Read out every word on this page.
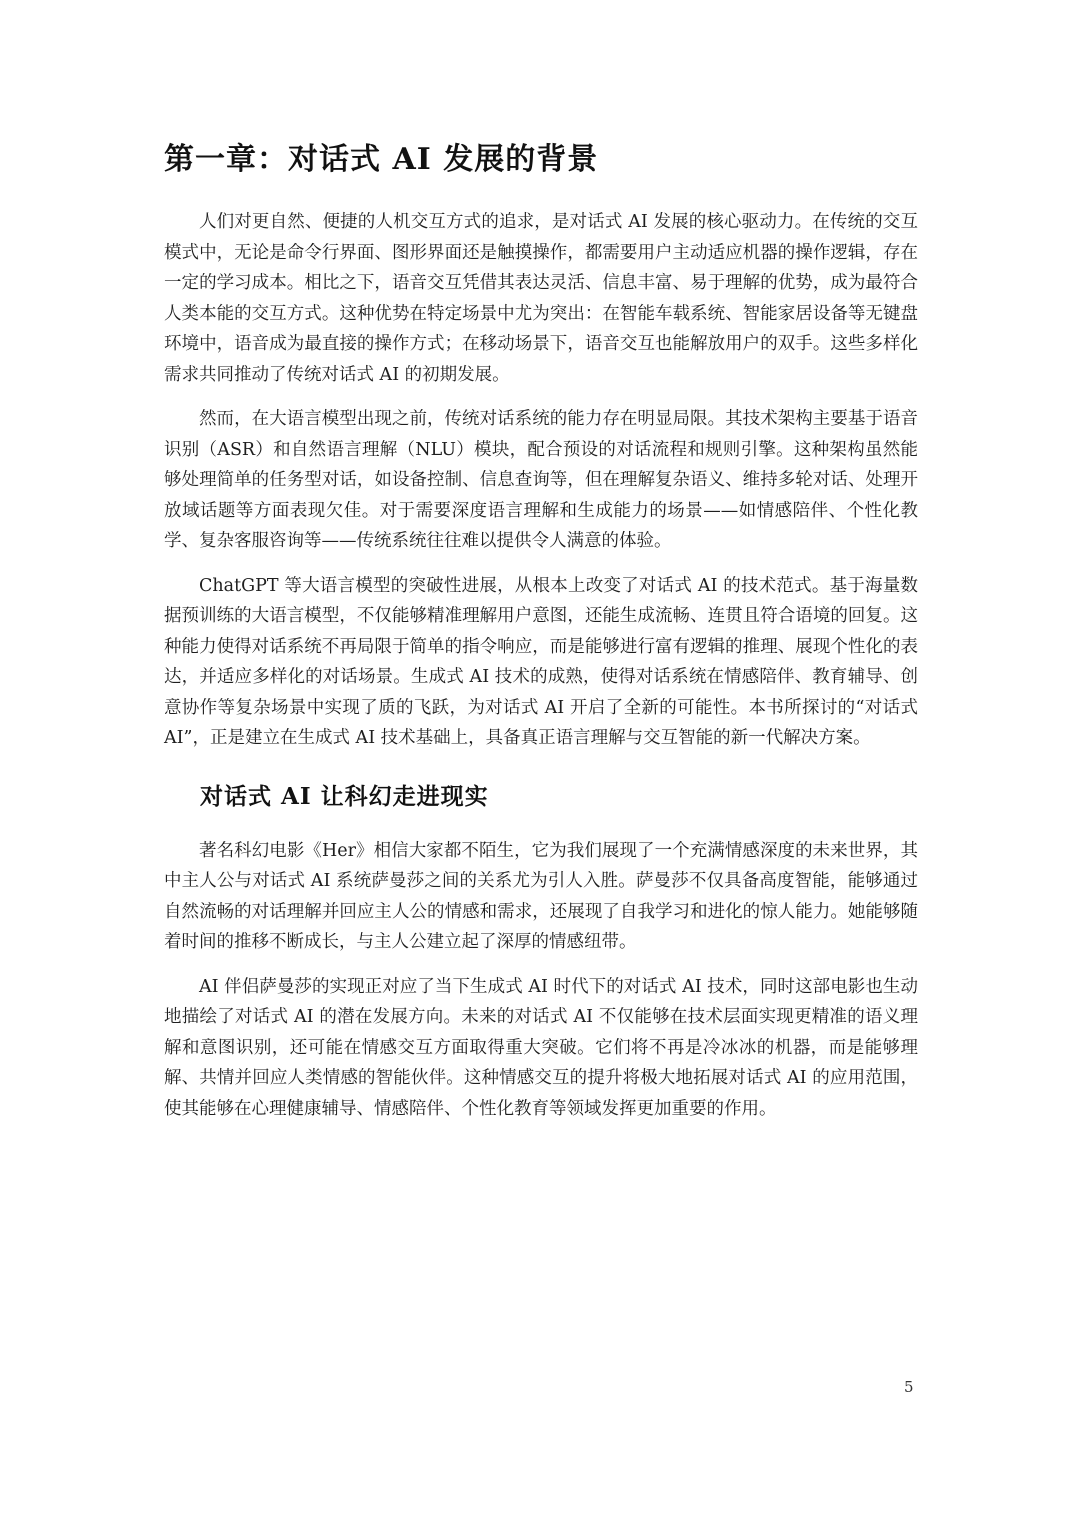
第一章：对话式 AI 发展的背景

人们对更自然、便捷的人机交互方式的追求，是对话式 AI 发展的核心驱动力。在传统的交互模式中，无论是命令行界面、图形界面还是触摸操作，都需要用户主动适应机器的操作逻辑，存在一定的学习成本。相比之下，语音交互凭借其表达灵活、信息丰富、易于理解的优势，成为最符合人类本能的交互方式。这种优势在特定场景中尤为突出：在智能车载系统、智能家居设备等无键盘环境中，语音成为最直接的操作方式；在移动场景下，语音交互也能解放用户的双手。这些多样化需求共同推动了传统对话式 AI 的初期发展。

然而，在大语言模型出现之前，传统对话系统的能力存在明显局限。其技术架构主要基于语音识别（ASR）和自然语言理解（NLU）模块，配合预设的对话流程和规则引擎。这种架构虽然能够处理简单的任务型对话，如设备控制、信息查询等，但在理解复杂语义、维持多轮对话、处理开放域话题等方面表现欠佳。对于需要深度语言理解和生成能力的场景——如情感陪伴、个性化教学、复杂客服咨询等——传统系统往往难以提供令人满意的体验。

ChatGPT 等大语言模型的突破性进展，从根本上改变了对话式 AI 的技术范式。基于海量数据预训练的大语言模型，不仅能够精准理解用户意图，还能生成流畅、连贯且符合语境的回复。这种能力使得对话系统不再局限于简单的指令响应，而是能够进行富有逻辑的推理、展现个性化的表达，并适应多样化的对话场景。生成式 AI 技术的成熟，使得对话系统在情感陪伴、教育辅导、创意协作等复杂场景中实现了质的飞跃，为对话式 AI 开启了全新的可能性。本书所探讨的“对话式 AI”，正是建立在生成式 AI 技术基础上，具备真正语言理解与交互智能的新一代解决方案。

对话式 AI 让科幻走进现实

著名科幻电影《Her》相信大家都不陌生，它为我们展现了一个充满情感深度的未来世界，其中主人公与对话式 AI 系统萨曼莎之间的关系尤为引人入胜。萨曼莎不仅具备高度智能，能够通过自然流畅的对话理解并回应主人公的情感和需求，还展现了自我学习和进化的惊人能力。她能够随着时间的推移不断成长，与主人公建立起了深厚的情感纽带。

AI 伴侣萨曼莎的实现正对应了当下生成式 AI 时代下的对话式 AI 技术，同时这部电影也生动地描绘了对话式 AI 的潜在发展方向。未来的对话式 AI 不仅能够在技术层面实现更精准的语义理解和意图识别，还可能在情感交互方面取得重大突破。它们将不再是冷冰冰的机器，而是能够理解、共情并回应人类情感的智能伙伴。这种情感交互的提升将极大地拓展对话式 AI 的应用范围，使其能够在心理健康辅导、情感陪伴、个性化教育等领域发挥更加重要的作用。

5
